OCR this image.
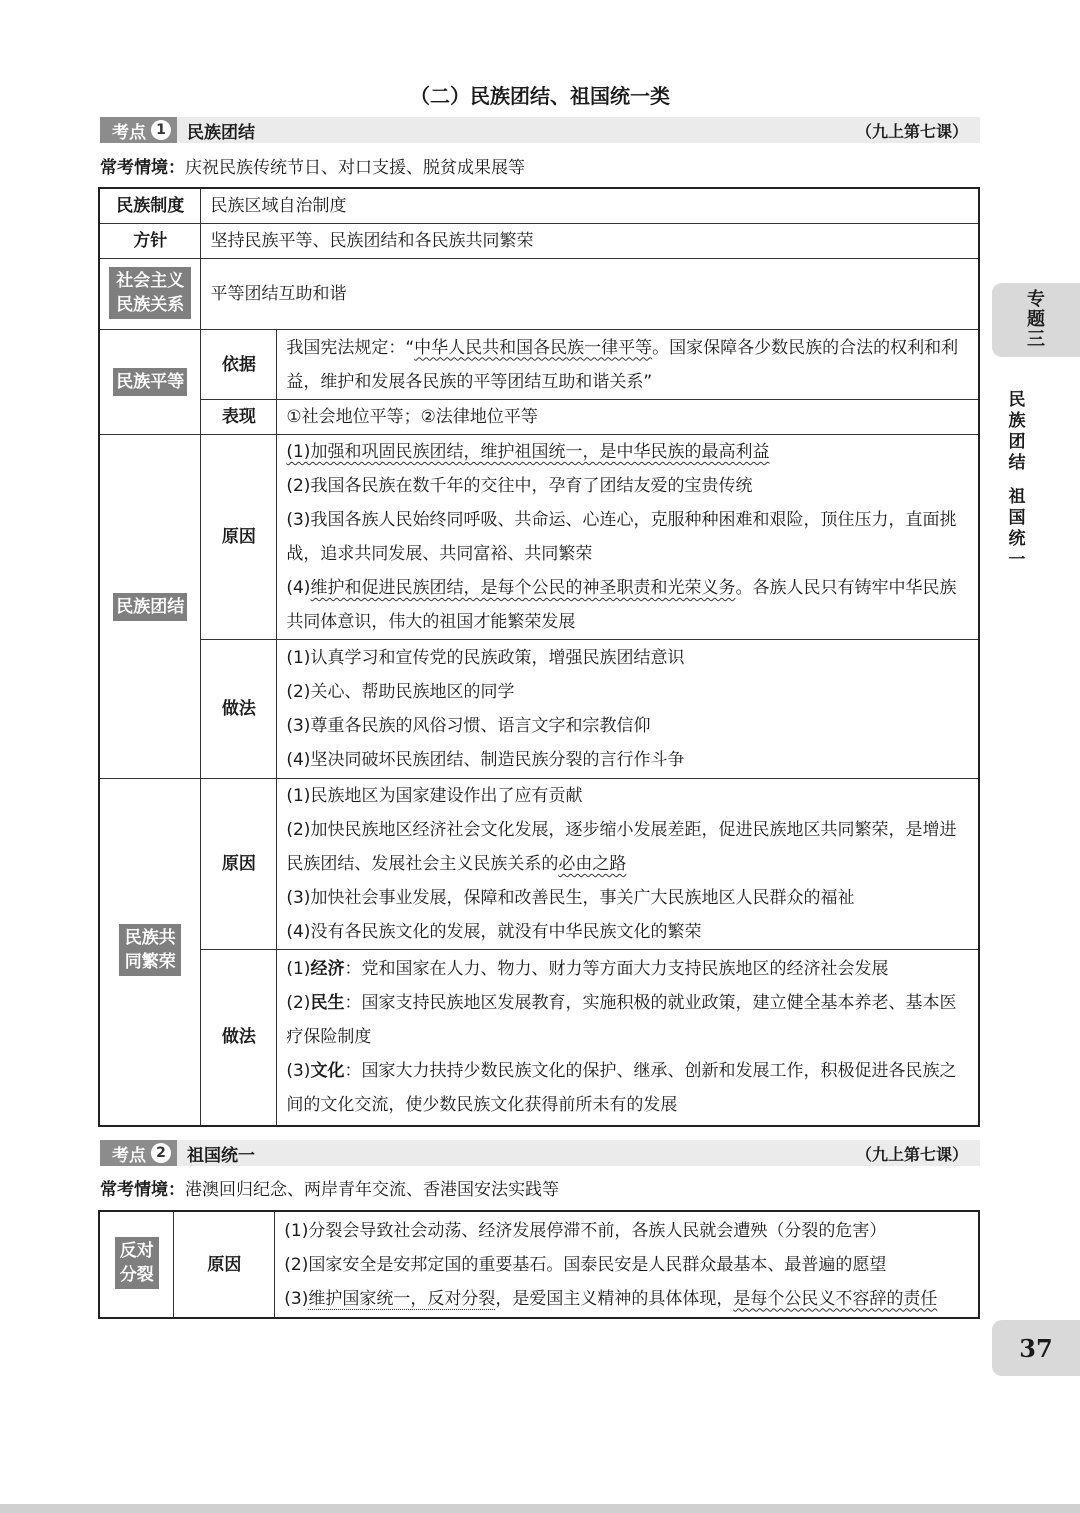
（二）民族团结、祖国统一类
考点 1	民族团结	（九上第七课）
常考情境：庆祝民族传统节日、对口支援、脱贫成果展等
民族制度	民族区域自治制度	
方针	坚持民族平等、民族团结和各民族共同繁荣	
社会主义民族关系	平等团结互助和谐	
民族平等	依据	我国宪法规定：“中华人民共和国各民族一律平等。国家保障各少数民族的合法的权利和利益，维护和发展各民族的平等团结互助和谐关系”
	表现	①社会地位平等；②法律地位平等
民族团结	原因	(1)加强和巩固民族团结，维护祖国统一，是中华民族的最高利益
(2)我国各民族在数千年的交往中，孕育了团结友爱的宝贵传统
(3)我国各族人民始终同呼吸、共命运、心连心，克服种种困难和艰险，顶住压力，直面挑战，追求共同发展、共同富裕、共同繁荣
(4)维护和促进民族团结，是每个公民的神圣职责和光荣义务。各族人民只有铸牢中华民族共同体意识，伟大的祖国才能繁荣发展

	做法	(1)认真学习和宣传党的民族政策，增强民族团结意识
(2)关心、帮助民族地区的同学
(3)尊重各民族的风俗习惯、语言文字和宗教信仰
(4)坚决同破坏民族团结、制造民族分裂的言行作斗争

民族共同繁荣	原因	(1)民族地区为国家建设作出了应有贡献
(2)加快民族地区经济社会文化发展，逐步缩小发展差距，促进民族地区共同繁荣，是增进民族团结、发展社会主义民族关系的必由之路
(3)加快社会事业发展，保障和改善民生，事关广大民族地区人民群众的福祉
(4)没有各民族文化的发展，就没有中华民族文化的繁荣

	做法	(1)经济：党和国家在人力、物力、财力等方面大力支持民族地区的经济社会发展
(2)民生：国家支持民族地区发展教育，实施积极的就业政策，建立健全基本养老、基本医疗保险制度
(3)文化：国家大力扶持少数民族文化的保护、继承、创新和发展工作，积极促进各民族之间的文化交流，使少数民族文化获得前所未有的发展
考点 2	祖国统一	（九上第七课）
常考情境：港澳回归纪念、两岸青年交流、香港国安法实践等
反对分裂	原因	
(1)分裂会导致社会动荡、经济发展停滞不前，各族人民就会遭殃（分裂的危害）
(2)国家安全是安邦定国的重要基石。国泰民安是人民群众最基本、最普遍的愿望
(3)维护国家统一，反对分裂，是爱国主义精神的具体体现，是每个公民义不容辞的责任
专
题
三
民
族
团
结
祖
国
统
一
37
